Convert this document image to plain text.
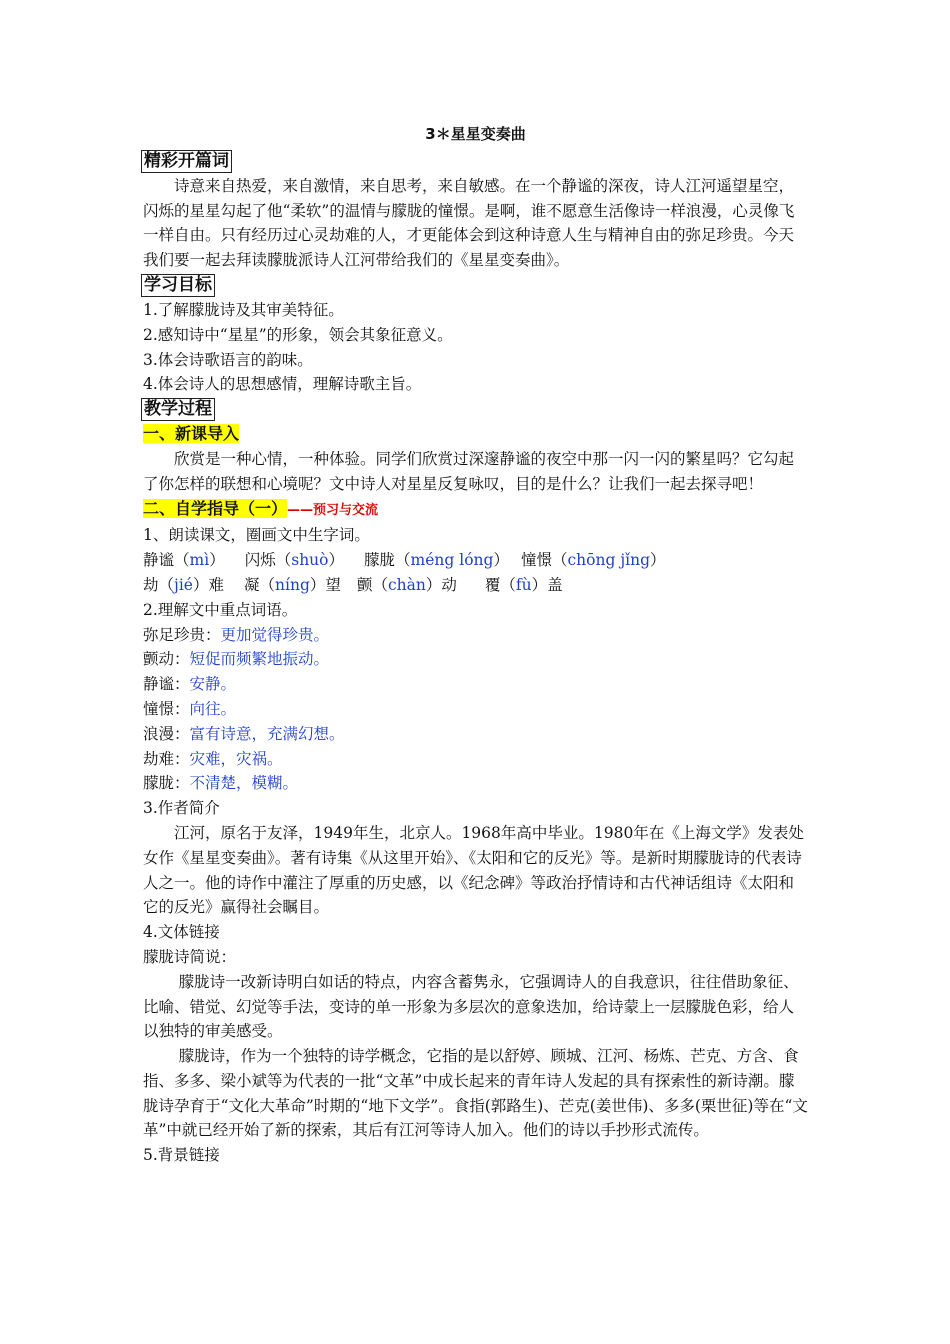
3＊星星变奏曲
精彩开篇词

诗意来自热爱，来自激情，来自思考，来自敏感。在一个静谧的深夜，诗人江河遥望星空，闪烁的星星勾起了他“柔软”的温情与朦胧的憧憬。是啊，谁不愿意生活像诗一样浪漫，心灵像飞一样自由。只有经历过心灵劫难的人，才更能体会到这种诗意人生与精神自由的弥足珍贵。今天我们要一起去拜读朦胧派诗人江河带给我们的《星星变奏曲》。

学习目标

1.了解朦胧诗及其审美特征。

2.感知诗中“星星”的形象，领会其象征意义。

3.体会诗歌语言的韵味。

4.体会诗人的思想感情，理解诗歌主旨。

教学过程
一、新课导入

欣赏是一种心情，一种体验。同学们欣赏过深邃静谧的夜空中那一闪一闪的繁星吗？它勾起了你怎样的联想和心境呢？文中诗人对星星反复咏叹，目的是什么？让我们一起去探寻吧！

二、自学指导（一）——预习与交流

1、朗读课文，圈画文中生字词。

静谧（mì） 闪烁（shuò） 朦胧（méng lóng） 憧憬（chōng jǐng）
劫（jié）难 凝（níng）望 颤（chàn）动 覆（fù）盖

2.理解文中重点词语。

弥足珍贵：更加觉得珍贵。

颤动：短促而频繁地振动。

静谧：安静。

憧憬：向往。

浪漫：富有诗意，充满幻想。

劫难：灾难，灾祸。

朦胧：不清楚，模糊。

3.作者简介

江河，原名于友泽，1949年生，北京人。1968年高中毕业。1980年在《上海文学》发表处女作《星星变奏曲》。著有诗集《从这里开始》、《太阳和它的反光》等。是新时期朦胧诗的代表诗人之一。他的诗作中灌注了厚重的历史感，以《纪念碑》等政治抒情诗和古代神话组诗《太阳和它的反光》赢得社会瞩目。

4.文体链接

朦胧诗简说：

朦胧诗一改新诗明白如话的特点，内容含蓄隽永，它强调诗人的自我意识，往往借助象征、比喻、错觉、幻觉等手法，变诗的单一形象为多层次的意象迭加，给诗蒙上一层朦胧色彩，给人以独特的审美感受。

朦胧诗，作为一个独特的诗学概念，它指的是以舒婷、顾城、江河、杨炼、芒克、方含、食指、多多、梁小斌等为代表的一批“文革”中成长起来的青年诗人发起的具有探索性的新诗潮。朦胧诗孕育于“文化大革命”时期的“地下文学”。食指(郭路生)、芒克(姜世伟)、多多(栗世征)等在“文革”中就已经开始了新的探索，其后有江河等诗人加入。他们的诗以手抄形式流传。

5.背景链接
